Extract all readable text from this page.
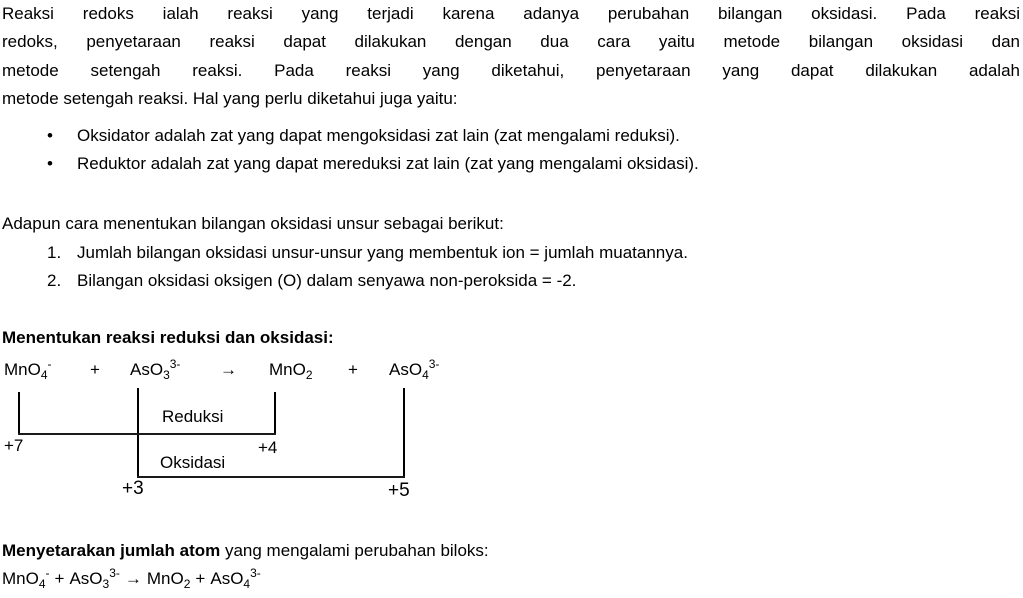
Reaksi redoks ialah reaksi yang terjadi karena adanya perubahan bilangan oksidasi. Pada reaksi
redoks, penyetaraan reaksi dapat dilakukan dengan dua cara yaitu metode bilangan oksidasi dan
metode setengah reaksi. Pada reaksi yang diketahui, penyetaraan yang dapat dilakukan adalah
metode setengah reaksi. Hal yang perlu diketahui juga yaitu:
• Oksidator adalah zat yang dapat mengoksidasi zat lain (zat mengalami reduksi).
• Reduktor adalah zat yang dapat mereduksi zat lain (zat yang mengalami oksidasi).
Adapun cara menentukan bilangan oksidasi unsur sebagai berikut:
1. Jumlah bilangan oksidasi unsur-unsur yang membentuk ion = jumlah muatannya.
2. Bilangan oksidasi oksigen (O) dalam senyawa non-peroksida = -2.
Menentukan reaksi reduksi dan oksidasi:
MnO$_4$- + AsO$_3^{3-}$ → MnO$_2$ + AsO$_4^{3-}$
Reduksi
Oksidasi
+7	+4
+3	+5
Menyetarakan jumlah atom yang mengalami perubahan biloks:
MnO$_4$- + AsO$_3^{3-}$ → MnO$_2$ + AsO$_4^{3-}$
